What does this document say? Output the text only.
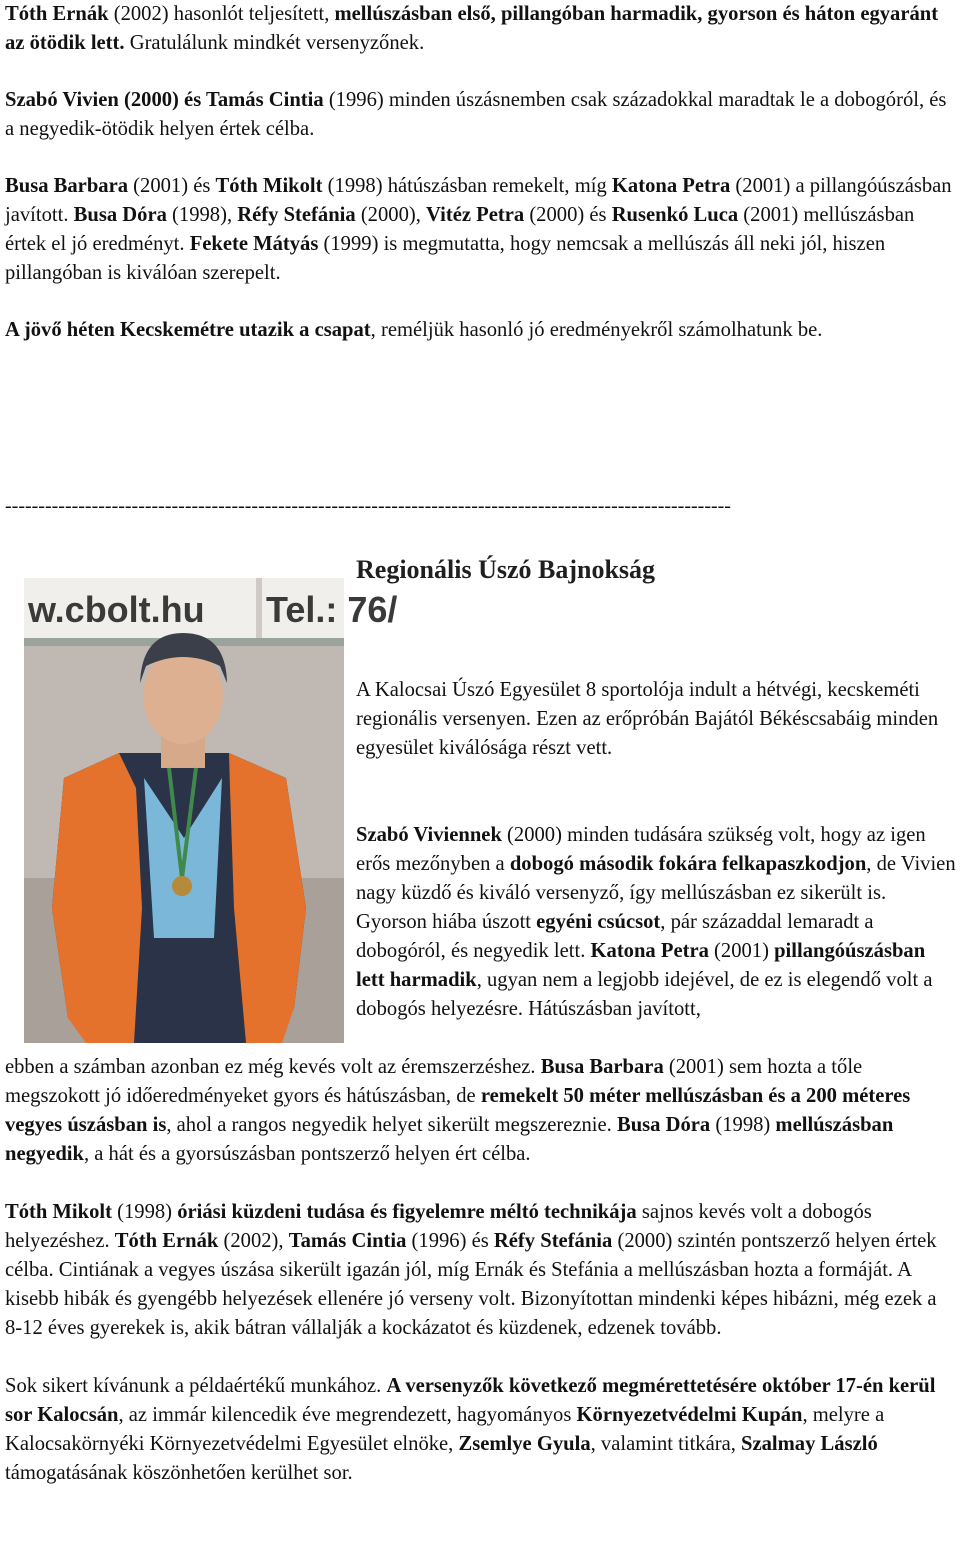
Tóth Ernák (2002) hasonlót teljesített, mellúszásban első, pillangóban harmadik, gyorson és háton egyaránt az ötödik lett. Gratulálunk mindkét versenyzőnek.

Szabó Vivien (2000) és Tamás Cintia (1996) minden úszásnemben csak századokkal maradtak le a dobogóról, és a negyedik-ötödik helyen értek célba.

Busa Barbara (2001) és Tóth Mikolt (1998) hátúszásban remekelt, míg Katona Petra (2001) a pillangóúszásban javított. Busa Dóra (1998), Réfy Stefánia (2000), Vitéz Petra (2000) és Rusenkó Luca (2001) mellúszásban értek el jó eredményt. Fekete Mátyás (1999) is megmutatta, hogy nemcsak a mellúszás áll neki jól, hiszen pillangóban is kiválóan szerepelt.

A jövő héten Kecskemétre utazik a csapat, reméljük hasonló jó eredményekről számolhatunk be.

-------------------------------------------------------------------------------------------------------------
Regionális Úszó Bajnokság
w.cbolt.hu Tel.: 76/

A Kalocsai Úszó Egyesület 8 sportolója indult a hétvégi, kecskeméti regionális versenyen. Ezen az erőpróbán Bajától Békéscsabáig minden egyesület kiválósága részt vett.

Szabó Viviennek (2000) minden tudására szükség volt, hogy az igen erős mezőnyben a dobogó második fokára felkapaszkodjon, de Vivien nagy küzdő és kiváló versenyző, így mellúszásban ez sikerült is. Gyorson hiába úszott egyéni csúcsot, pár századdal lemaradt a dobogóról, és negyedik lett. Katona Petra (2001) pillangóúszásban lett harmadik, ugyan nem a legjobb idejével, de ez is elegendő volt a dobogós helyezésre. Hátúszásban javított,

ebben a számban azonban ez még kevés volt az éremszerzéshez. Busa Barbara (2001) sem hozta a tőle megszokott jó időeredményeket gyors és hátúszásban, de remekelt 50 méter mellúszásban és a 200 méteres vegyes úszásban is, ahol a rangos negyedik helyet sikerült megszereznie. Busa Dóra (1998) mellúszásban negyedik, a hát és a gyorsúszásban pontszerző helyen ért célba.

Tóth Mikolt (1998) óriási küzdeni tudása és figyelemre méltó technikája sajnos kevés volt a dobogós helyezéshez. Tóth Ernák (2002), Tamás Cintia (1996) és Réfy Stefánia (2000) szintén pontszerző helyen értek célba. Cintiának a vegyes úszása sikerült igazán jól, míg Ernák és Stefánia a mellúszásban hozta a formáját. A kisebb hibák és gyengébb helyezések ellenére jó verseny volt. Bizonyítottan mindenki képes hibázni, még ezek a 8-12 éves gyerekek is, akik bátran vállalják a kockázatot és küzdenek, edzenek tovább.

Sok sikert kívánunk a példaértékű munkához. A versenyzők következő megmérettetésére október 17-én kerül sor Kalocsán, az immár kilencedik éve megrendezett, hagyományos Környezetvédelmi Kupán, melyre a Kalocsakörnyéki Környezetvédelmi Egyesület elnöke, Zsemlye Gyula, valamint titkára, Szalmay László támogatásának köszönhetően kerülhet sor.
